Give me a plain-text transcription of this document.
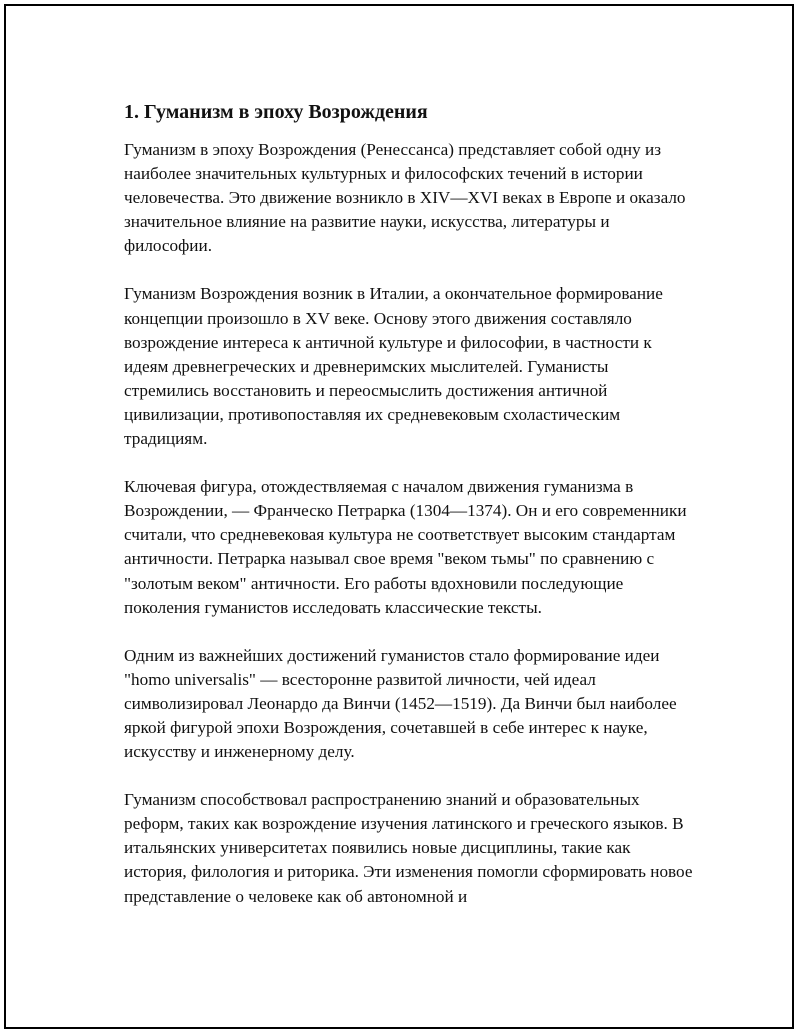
1. Гуманизм в эпоху Возрождения

Гуманизм в эпоху Возрождения (Ренессанса) представляет собой одну из наиболее значительных культурных и философских течений в истории человечества. Это движение возникло в XIV—XVI веках в Европе и оказало значительное влияние на развитие науки, искусства, литературы и философии.

Гуманизм Возрождения возник в Италии, а окончательное формирование концепции произошло в XV веке. Основу этого движения составляло возрождение интереса к античной культуре и философии, в частности к идеям древнегреческих и древнеримских мыслителей. Гуманисты стремились восстановить и переосмыслить достижения античной цивилизации, противопоставляя их средневековым схоластическим традициям.

Ключевая фигура, отождествляемая с началом движения гуманизма в Возрождении, — Франческо Петрарка (1304—1374). Он и его современники считали, что средневековая культура не соответствует высоким стандартам античности. Петрарка называл свое время "веком тьмы" по сравнению с "золотым веком" античности. Его работы вдохновили последующие поколения гуманистов исследовать классические тексты.

Одним из важнейших достижений гуманистов стало формирование идеи "homo universalis" — всесторонне развитой личности, чей идеал символизировал Леонардо да Винчи (1452—1519). Да Винчи был наиболее яркой фигурой эпохи Возрождения, сочетавшей в себе интерес к науке, искусству и инженерному делу.

Гуманизм способствовал распространению знаний и образовательных реформ, таких как возрождение изучения латинского и греческого языков. В итальянских университетах появились новые дисциплины, такие как история, филология и риторика. Эти изменения помогли сформировать новое представление о человеке как об автономной и
